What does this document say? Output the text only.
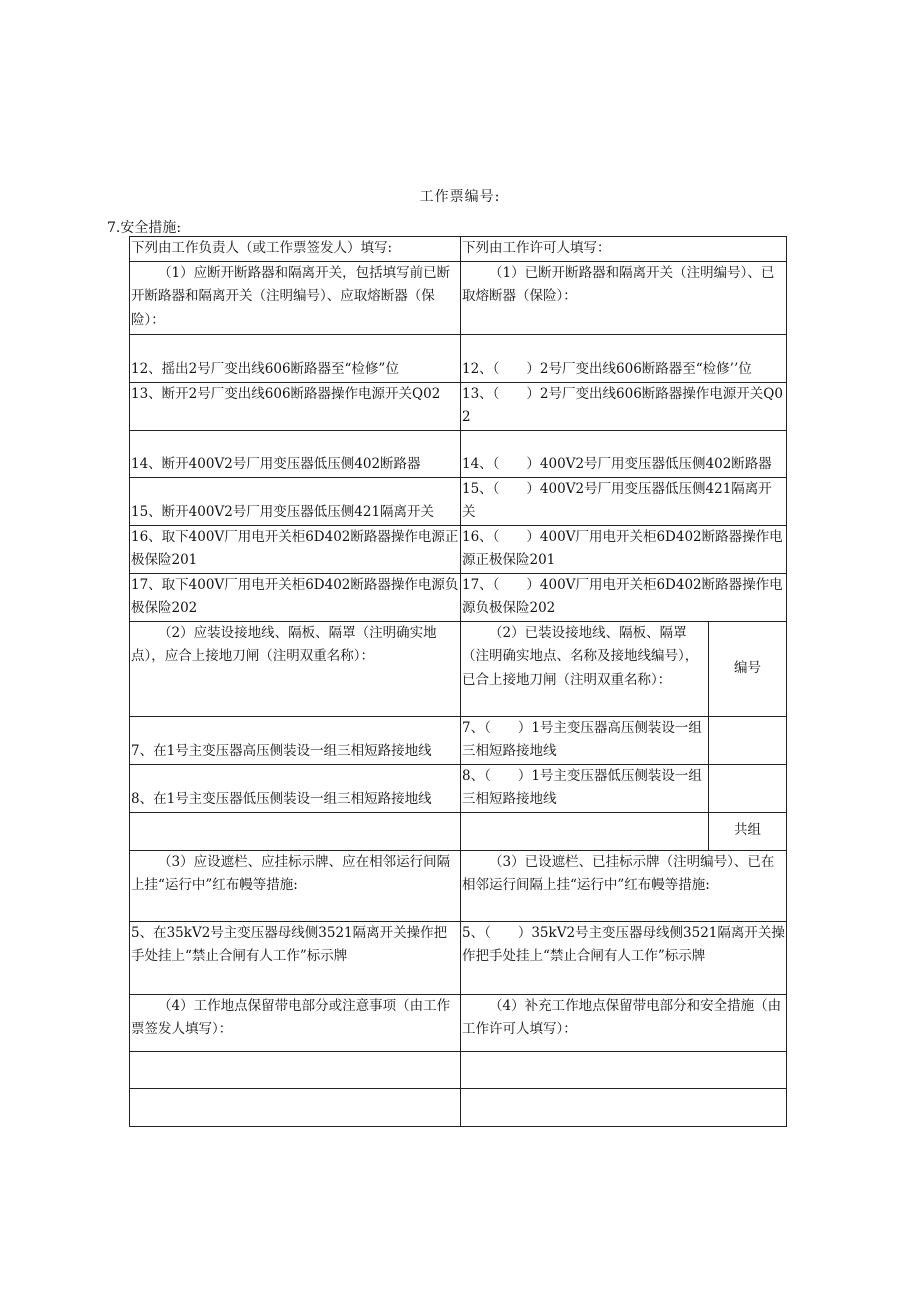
工作票编号:
7.安全措施:
下列由工作负责人（或工作票签发人）填写:	下列由工作许可人填写：	
（1）应断开断路器和隔离开关，包括填写前已断开断路器和隔离开关（注明编号）、应取熔断器（保险）：	（1）已断开断路器和隔离开关（注明编号）、已取熔断器（保险）：	
12、摇出2号厂变出线606断路器至“检修”位	12、（　　）2号厂变出线606断路器至“检修’’位	
13、断开2号厂变出线606断路器操作电源开关Q02	13、（　　）2号厂变出线606断路器操作电源开关Q02	
14、断开400V2号厂用变压器低压侧402断路器	14、（　　）400V2号厂用变压器低压侧402断路器	
15、断开400V2号厂用变压器低压侧421隔离开关	15、（　　）400V2号厂用变压器低压侧421隔离开关	
16、取下400V厂用电开关柜6D402断路器操作电源正极保险201	16、（　　）400V厂用电开关柜6D402断路器操作电源正极保险201	
17、取下400V厂用电开关柜6D402断路器操作电源负极保险202	17、（　　）400V厂用电开关柜6D402断路器操作电源负极保险202	
（2）应装设接地线、隔板、隔罩（注明确实地点），应合上接地刀闸（注明双重名称）：	（2）已装设接地线、隔板、隔罩（注明确实地点、名称及接地线编号），已合上接地刀闸（注明双重名称）：	编号
7、在1号主变压器高压侧装设一组三相短路接地线	7、（　　）1号主变压器高压侧装设一组三相短路接地线	
8、在1号主变压器低压侧装设一组三相短路接地线	8、（　　）1号主变压器低压侧装设一组三相短路接地线	
		共组
（3）应设遮栏、应挂标示牌、应在相邻运行间隔上挂“运行中”红布幔等措施:	（3）已设遮栏、已挂标示牌（注明编号）、已在相邻运行间隔上挂“运行中”红布幔等措施:	
5、在35kV2号主变压器母线侧3521隔离开关操作把手处挂上“禁止合闸有人工作”标示牌	5、（　　）35kV2号主变压器母线侧3521隔离开关操作把手处挂上“禁止合闸有人工作”标示牌	
（4）工作地点保留带电部分或注意事项（由工作票签发人填写）：	（4）补充工作地点保留带电部分和安全措施（由工作许可人填写）：	
